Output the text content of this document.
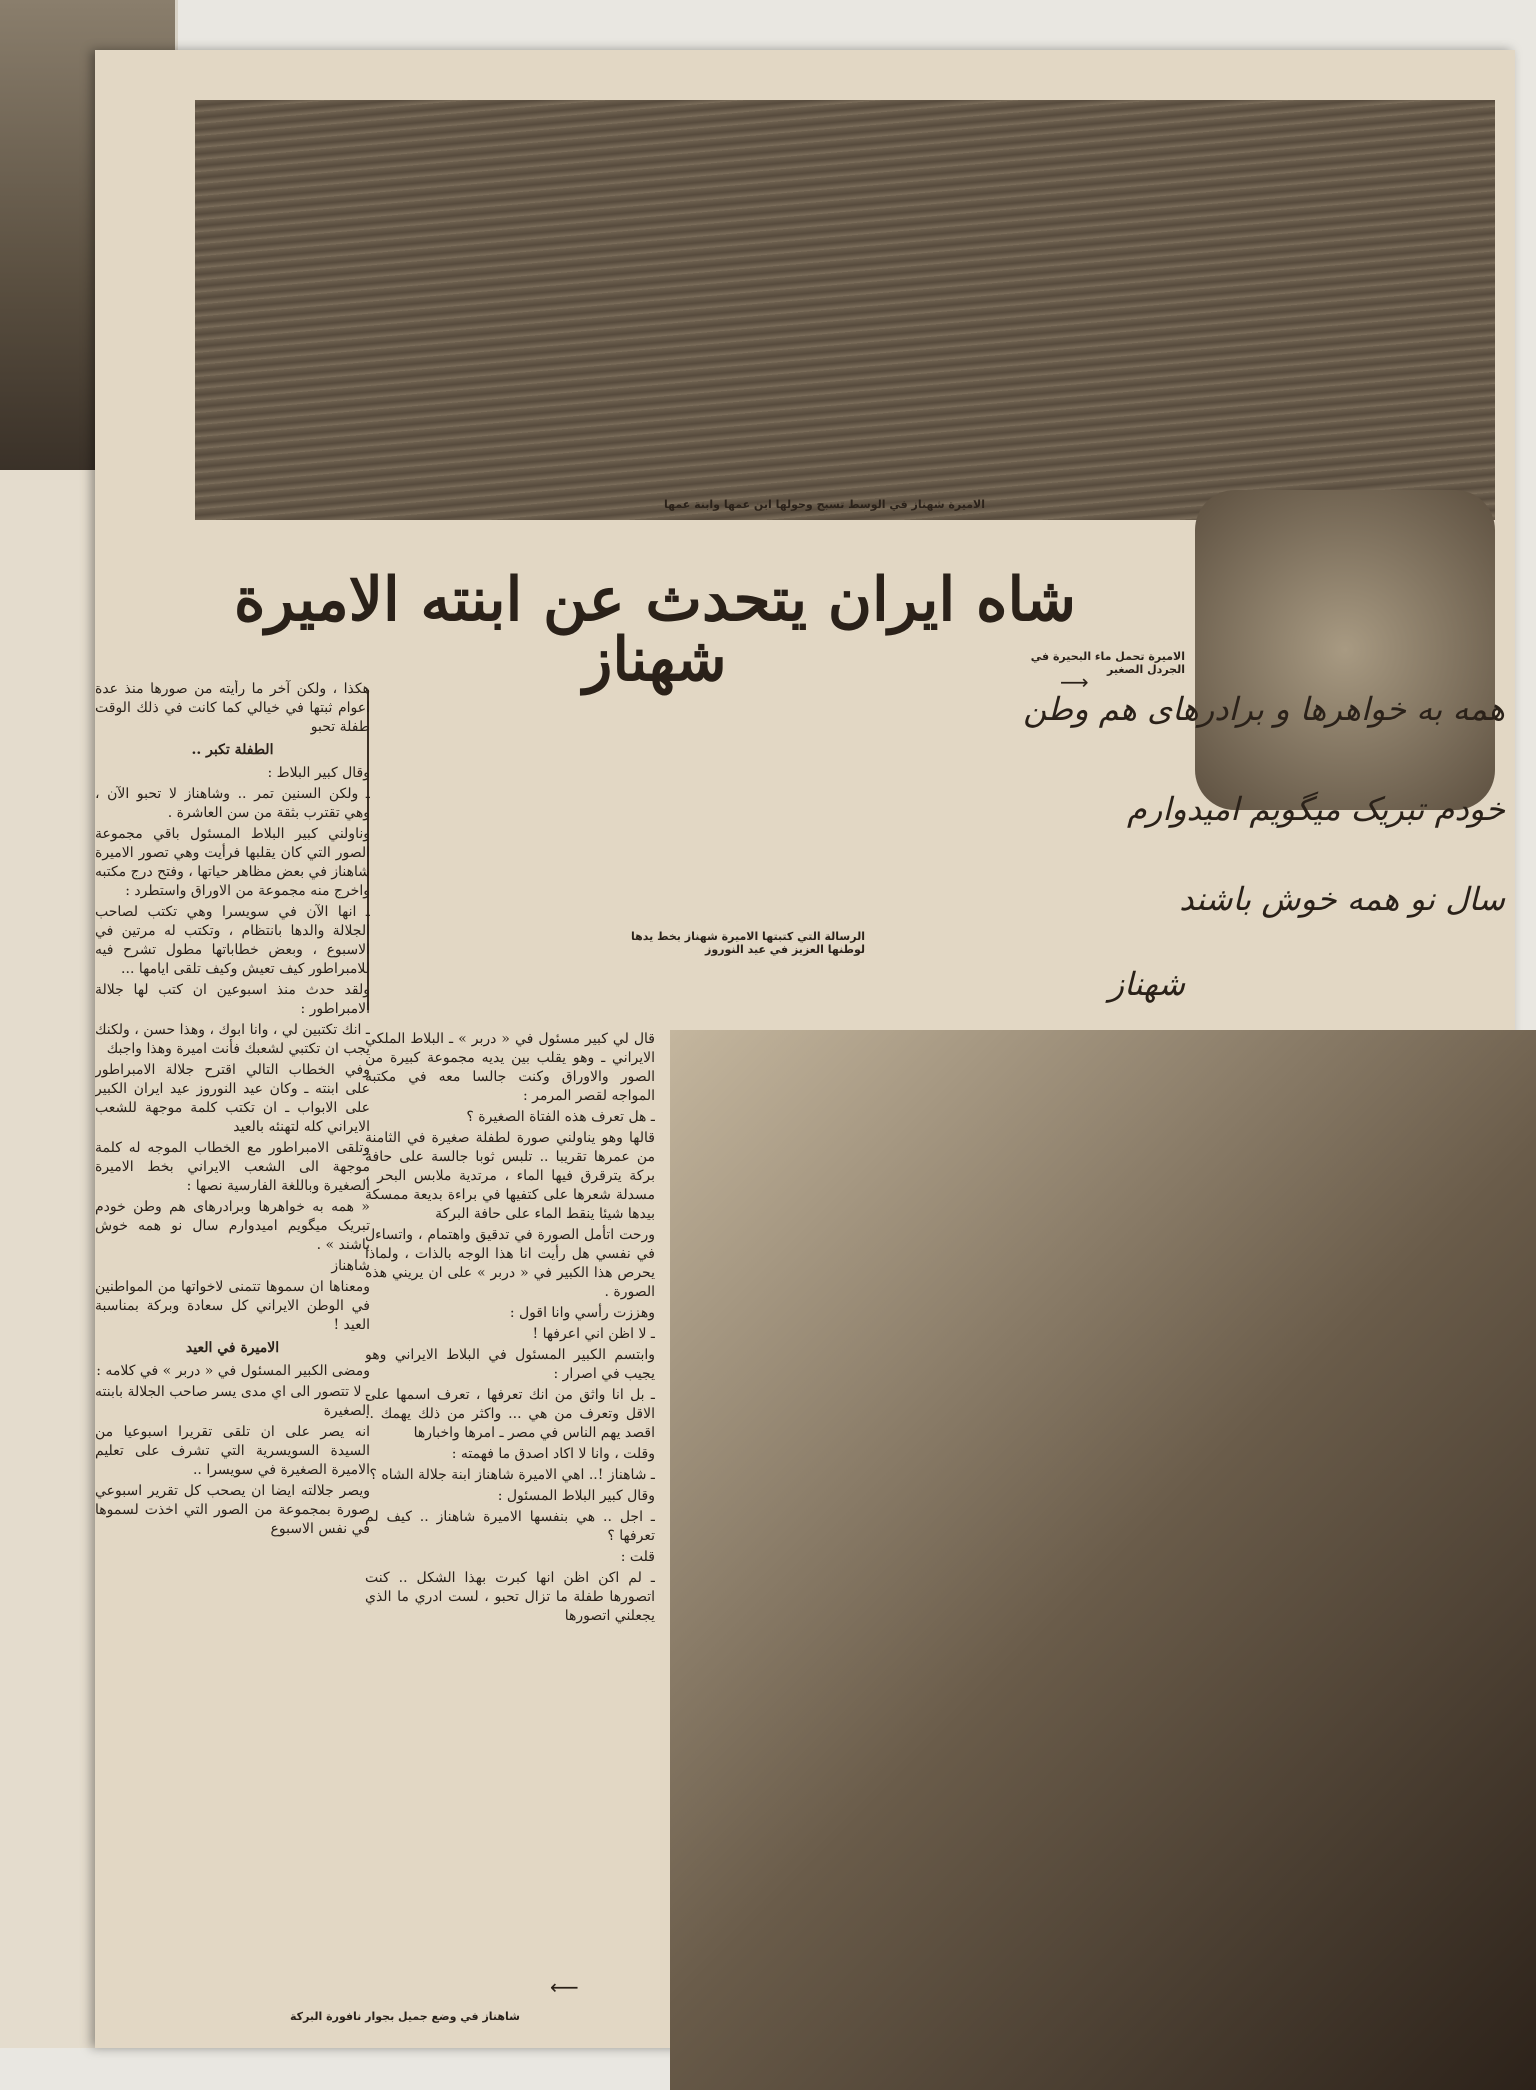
الاميرة شهناز في الوسط تسبح وحولها ابن عمها وابنة عمها
الاميرة تحمل ماء البحيرة في الجردل الصغير
⟶
شاه ايران يتحدث عن ابنته الاميرة شهناز
همه به خواهرها و برادرهای هم وطن
خودم تبریک میگویم امیدوارم
سال نو همه خوش باشند
شهناز
الرسالة التي كتبتها الاميرة شهناز بخط يدها لوطنها العزيز في عيد النوروز

هكذا ، ولكن آخر ما رأيته من صورها منذ عدة اعوام ثبتها في خيالي كما كانت في ذلك الوقت طفلة تحبو

الطفلة تكبر ..

وقال كبير البلاط :

ـ ولكن السنين تمر .. وشاهناز لا تحبو الآن ، وهي تقترب بثقة من سن العاشرة .

وناولني كبير البلاط المسئول باقي مجموعة الصور التي كان يقلبها فرأيت وهي تصور الاميرة شاهناز في بعض مظاهر حياتها ، وفتح درج مكتبه واخرج منه مجموعة من الاوراق واستطرد :

ـ انها الآن في سويسرا وهي تكتب لصاحب الجلالة والدها بانتظام ، وتكتب له مرتين في الاسبوع ، وبعض خطاباتها مطول تشرح فيه للامبراطور كيف تعيش وكيف تلقى ايامها ...

ولقد حدث منذ اسبوعين ان كتب لها جلالة الامبراطور :

ـ انك تكتبين لي ، وانا ابوك ، وهذا حسن ، ولكنك يجب ان تكتبي لشعبك فأنت اميرة وهذا واجبك

وفي الخطاب التالي اقترح جلالة الامبراطور على ابنته ـ وكان عيد النوروز عيد ايران الكبير على الابواب ـ ان تكتب كلمة موجهة للشعب الايراني كله لتهنئه بالعيد

وتلقى الامبراطور مع الخطاب الموجه له كلمة موجهة الى الشعب الايراني بخط الاميرة الصغيرة وباللغة الفارسية نصها :

« همه به خواهرها وبرادرهای هم وطن خودم تبریک میگویم امیدوارم سال نو همه خوش باشند » .

شاهناز

ومعناها ان سموها تتمنى لاخواتها من المواطنين في الوطن الايراني كل سعادة وبركة بمناسبة العيد !

الاميرة في العيد

ومضى الكبير المسئول في « دربر » في كلامه :

ـ لا تتصور الى اي مدى يسر صاحب الجلالة بابنته الصغيرة

انه يصر على ان تلقى تقريرا اسبوعيا من السيدة السويسرية التي تشرف على تعليم الاميرة الصغيرة في سويسرا ..

ويصر جلالته ايضا ان يصحب كل تقرير اسبوعي صورة بمجموعة من الصور التي اخذت لسموها في نفس الاسبوع

قال لي كبير مسئول في « دربر » ـ البلاط الملكي الايراني ـ وهو يقلب بين يديه مجموعة كبيرة من الصور والاوراق وكنت جالسا معه في مكتبه المواجه لقصر المرمر :

ـ هل تعرف هذه الفتاة الصغيرة ؟

قالها وهو يناولني صورة لطفلة صغيرة في الثامنة من عمرها تقريبا .. تلبس ثوبا جالسة على حافة بركة يترقرق فيها الماء ، مرتدية ملابس البحر ، مسدلة شعرها على كتفيها في براءة بديعة ممسكة بيدها شيئا ينقط الماء على حافة البركة

ورحت اتأمل الصورة في تدقيق واهتمام ، واتساءل في نفسي هل رأيت انا هذا الوجه بالذات ، ولماذا يحرص هذا الكبير في « دربر » على ان يريني هذه الصورة .

وهززت رأسي وانا اقول :

ـ لا اظن اني اعرفها !

وابتسم الكبير المسئول في البلاط الايراني وهو يجيب في اصرار :

ـ بل انا واثق من انك تعرفها ، تعرف اسمها على الاقل وتعرف من هي ... واكثر من ذلك يهمك .. اقصد يهم الناس في مصر ـ امرها واخبارها

وقلت ، وانا لا اكاد اصدق ما فهمته :

ـ شاهناز !.. اهي الاميرة شاهناز ابنة جلالة الشاه ؟

وقال كبير البلاط المسئول :

ـ اجل .. هي بنفسها الاميرة شاهناز .. كيف لم تعرفها ؟

قلت :

ـ لم اكن اظن انها كبرت بهذا الشكل .. كنت اتصورها طفلة ما تزال تحبو ، لست ادري ما الذي يجعلني اتصورها

⟵
شاهناز في وضع جميل بجوار نافورة البركة
